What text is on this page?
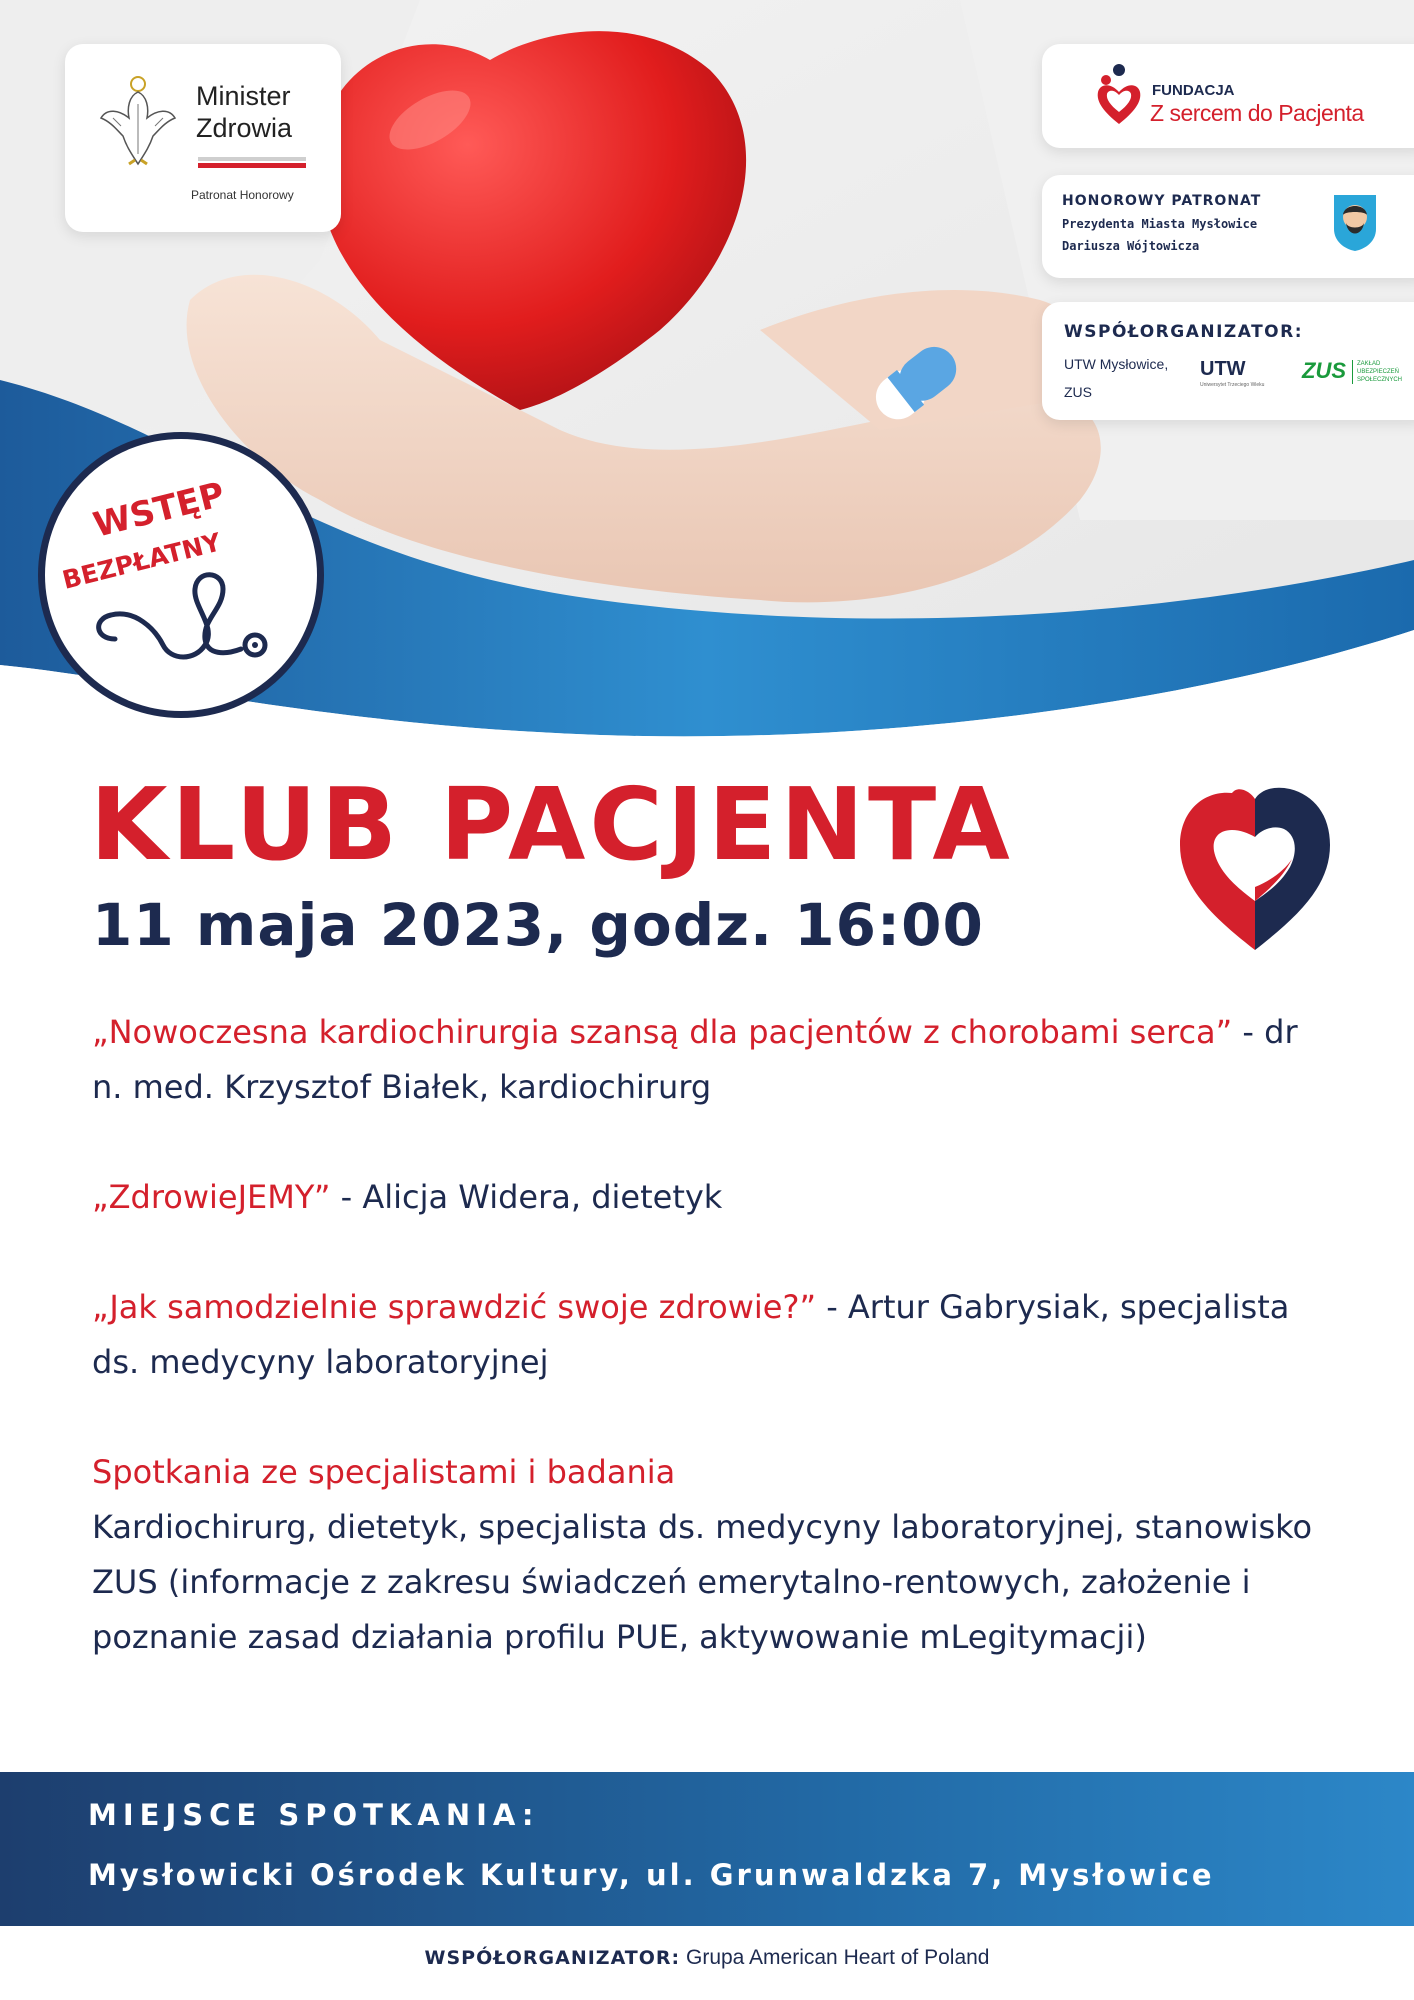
Minister
Zdrowia
Patronat Honorowy
FUNDACJA
Z sercem do Pacjenta
HONOROWY PATRONAT
Prezydenta Miasta Mysłowice
Dariusza Wójtowicza
WSPÓŁORGANIZATOR:
UTW Mysłowice,
ZUS
UTW
Uniwersytet Trzeciego Wieku
ZUS	ZAKŁAD UBEZPIECZEŃ SPOŁECZNYCH
WSTĘP
BEZPŁATNY
KLUB PACJENTA
11 maja 2023, godz. 16:00
„Nowoczesna kardiochirurgia szansą dla pacjentów z chorobami serca” - dr n. med. Krzysztof Białek, kardiochirurg
„ZdrowieJEMY” - Alicja Widera, dietetyk
„Jak samodzielnie sprawdzić swoje zdrowie?” - Artur Gabrysiak, specjalista ds. medycyny laboratoryjnej
Spotkania ze specjalistami i badania
Kardiochirurg, dietetyk, specjalista ds. medycyny laboratoryjnej, stanowisko ZUS (informacje z zakresu świadczeń emerytalno-rentowych, założenie i poznanie zasad działania profilu PUE, aktywowanie mLegitymacji)
MIEJSCE SPOTKANIA:
Mysłowicki Ośrodek Kultury, ul. Grunwaldzka 7, Mysłowice
WSPÓŁORGANIZATOR: Grupa American Heart of Poland
